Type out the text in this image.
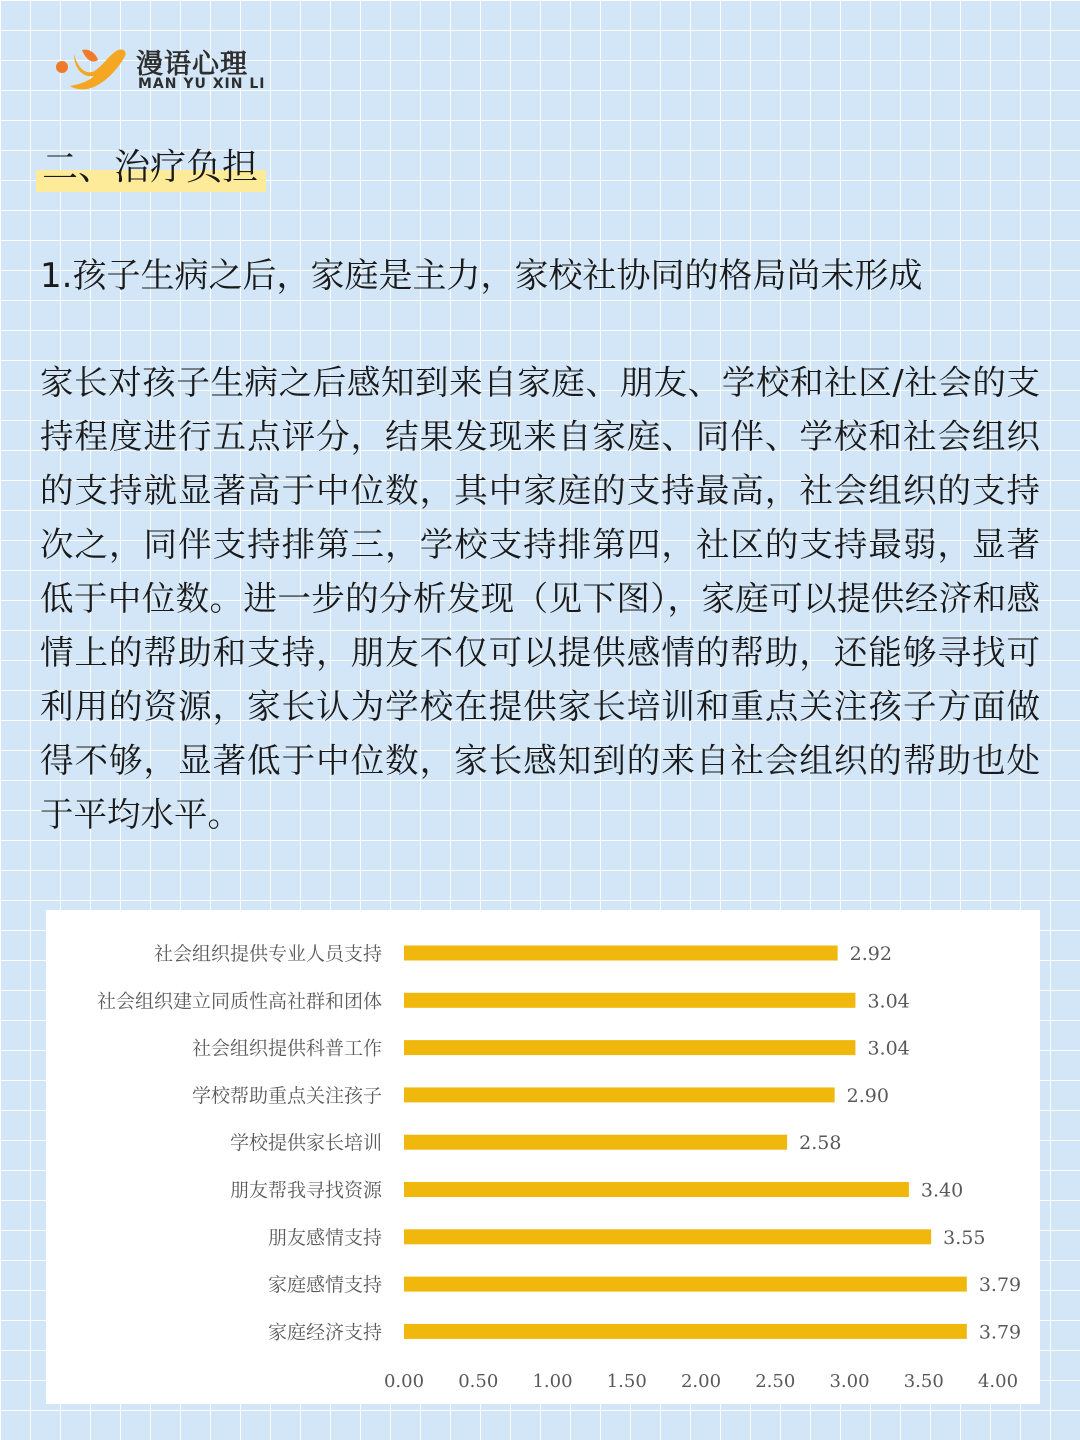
漫语心理
MAN YU XIN LI
二、治疗负担
1.孩子生病之后，家庭是主力，家校社协同的格局尚未形成
家长对孩子生病之后感知到来自家庭、朋友、学校和社区/社会的支持程度进行五点评分，结果发现来自家庭、同伴、学校和社会组织的支持就显著高于中位数，其中家庭的支持最高，社会组织的支持次之，同伴支持排第三，学校支持排第四，社区的支持最弱，显著低于中位数。进一步的分析发现（见下图），家庭可以提供经济和感情上的帮助和支持，朋友不仅可以提供感情的帮助，还能够寻找可利用的资源，家长认为学校在提供家长培训和重点关注孩子方面做得不够，显著低于中位数，家长感知到的来自社会组织的帮助也处于平均水平。
社会组织提供专业人员支持	2.92
社会组织建立同质性高社群和团体	3.04
社会组织提供科普工作	3.04
学校帮助重点关注孩子	2.90
学校提供家长培训	2.58
朋友帮我寻找资源	3.40
朋友感情支持	3.55
家庭感情支持	3.79
家庭经济支持	3.79
0.00 0.50 1.00 1.50 2.00 2.50 3.00 3.50 4.00
